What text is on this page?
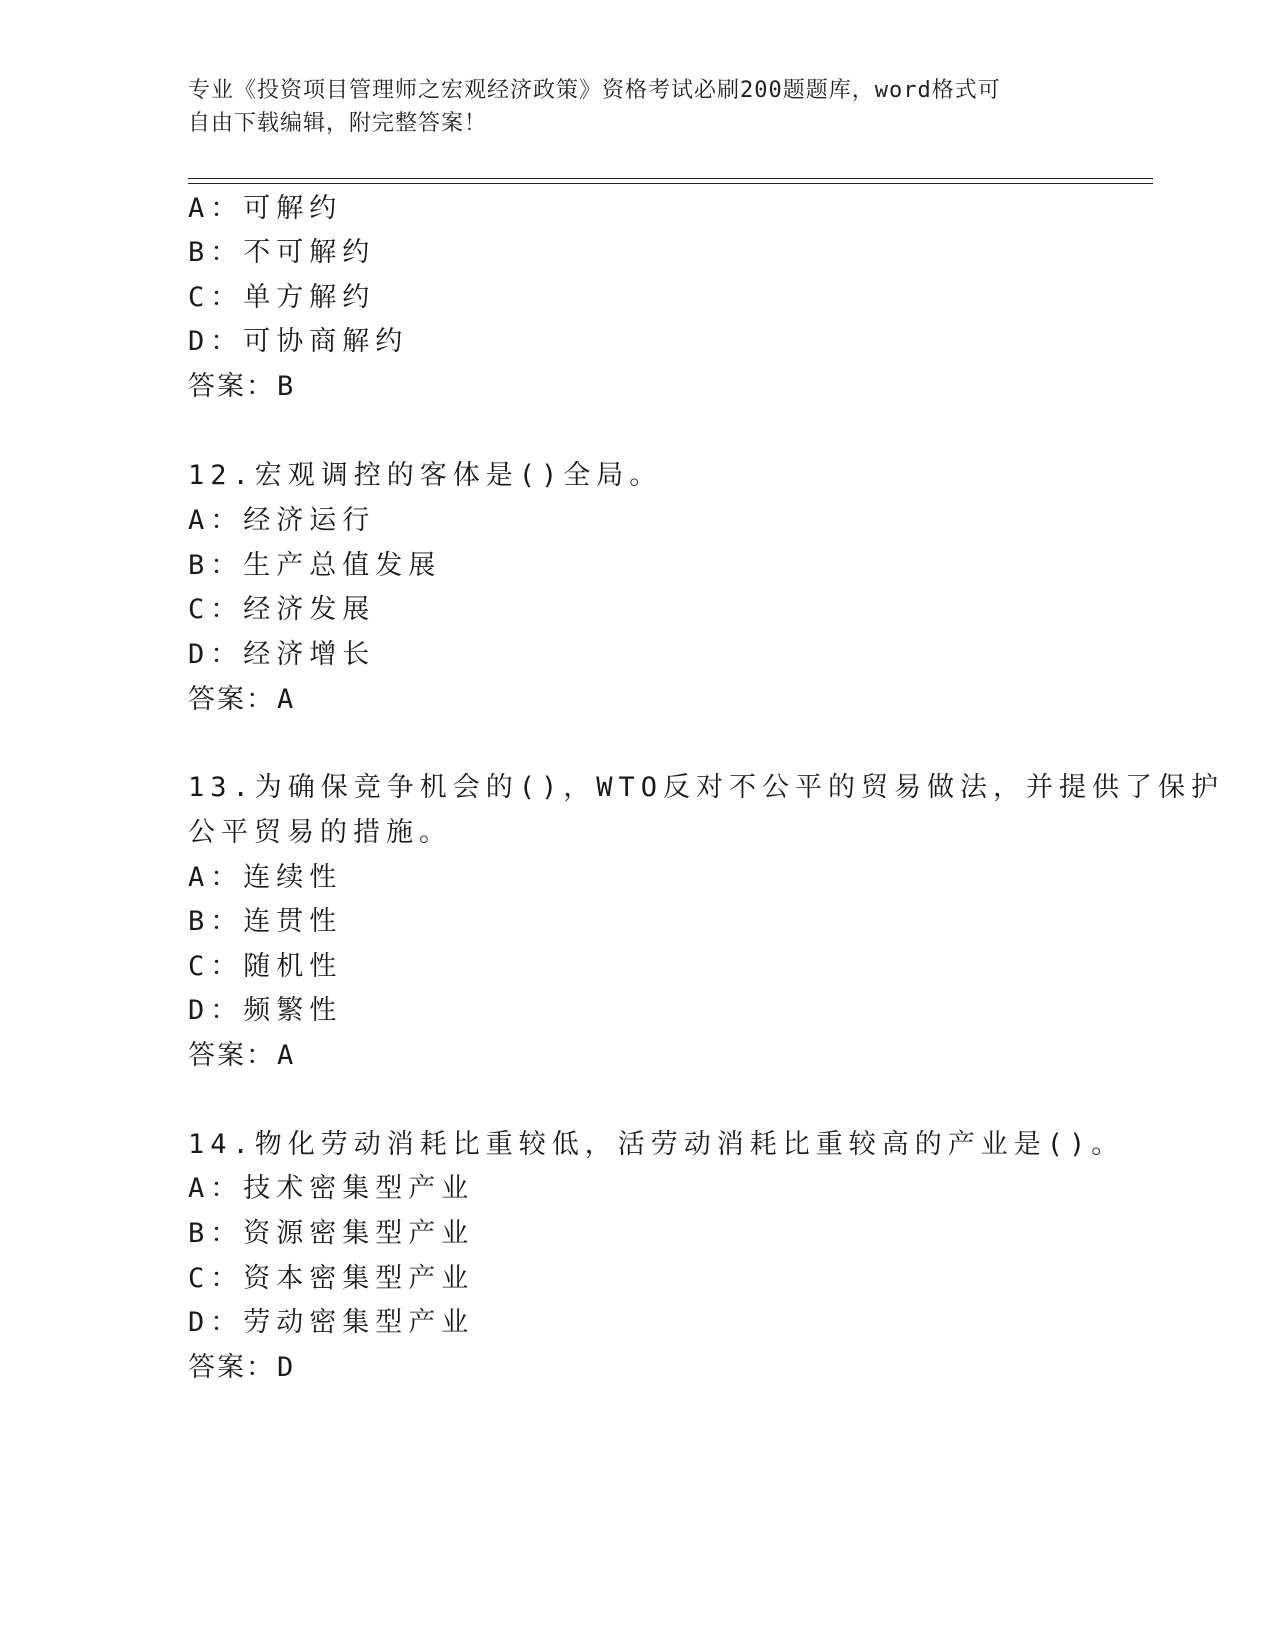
专业《投资项目管理师之宏观经济政策》资格考试必刷200题题库，word格式可
自由下载编辑，附完整答案！
A：可解约
B：不可解约
C：单方解约
D：可协商解约
答案：B
12.宏观调控的客体是()全局。
A：经济运行
B：生产总值发展
C：经济发展
D：经济增长
答案：A
13.为确保竞争机会的()，WTO反对不公平的贸易做法，并提供了保护
公平贸易的措施。
A：连续性
B：连贯性
C：随机性
D：频繁性
答案：A
14.物化劳动消耗比重较低，活劳动消耗比重较高的产业是()。
A：技术密集型产业
B：资源密集型产业
C：资本密集型产业
D：劳动密集型产业
答案：D
